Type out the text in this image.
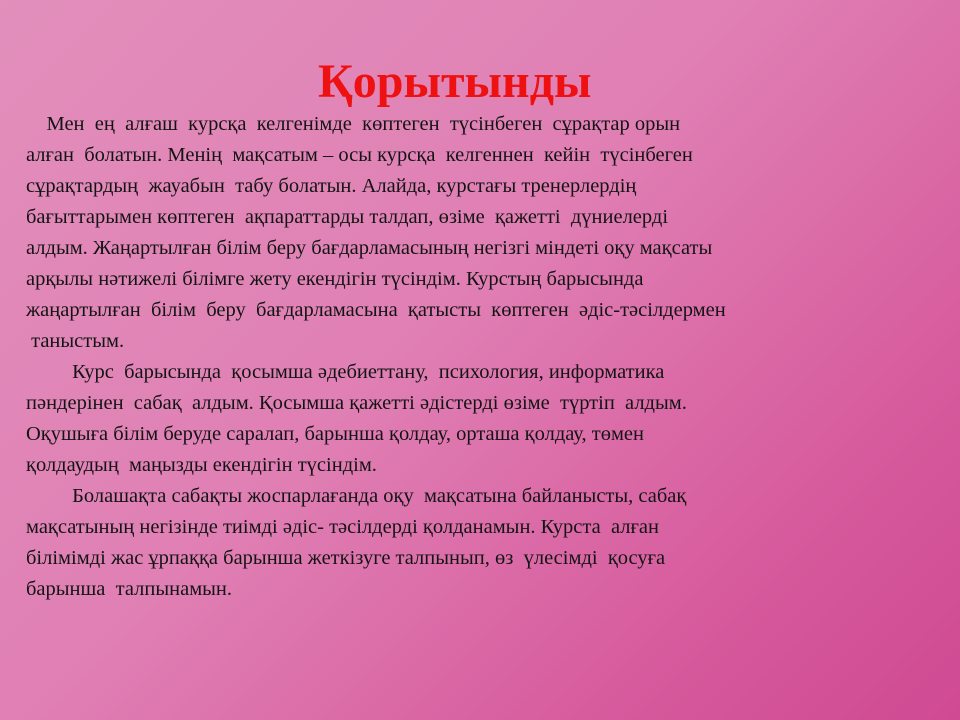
Қорытынды
Мен  ең  алғаш  курсқа  келгенімде  көптеген  түсінбеген  сұрақтар орын
алған  болатын. Менің  мақсатым – осы курсқа  келгеннен  кейін  түсінбеген
сұрақтардың  жауабын  табу болатын. Алайда, курстағы тренерлердің
бағыттарымен көптеген  ақпараттарды талдап, өзіме  қажетті  дүниелерді
алдым. Жаңартылған білім беру бағдарламасының негізгі міндеті оқу мақсаты
арқылы нәтижелі білімге жету екендігін түсіндім. Курстың барысында
жаңартылған  білім  беру  бағдарламасына  қатысты  көптеген  әдіс-тәсілдермен
таныстым.
Курс  барысында  қосымша әдебиеттану,  психология, информатика
пәндерінен  сабақ  алдым. Қосымша қажетті әдістерді өзіме  түртіп  алдым.
Оқушыға білім беруде саралап, барынша қолдау, орташа қолдау, төмен
қолдаудың  маңызды екендігін түсіндім.
Болашақта сабақты жоспарлағанда оқу  мақсатына байланысты, сабақ
мақсатының негізінде тиімді әдіс- тәсілдерді қолданамын. Курста  алған
білімімді жас ұрпаққа барынша жеткізуге талпынып, өз  үлесімді  қосуға
барынша  талпынамын.
